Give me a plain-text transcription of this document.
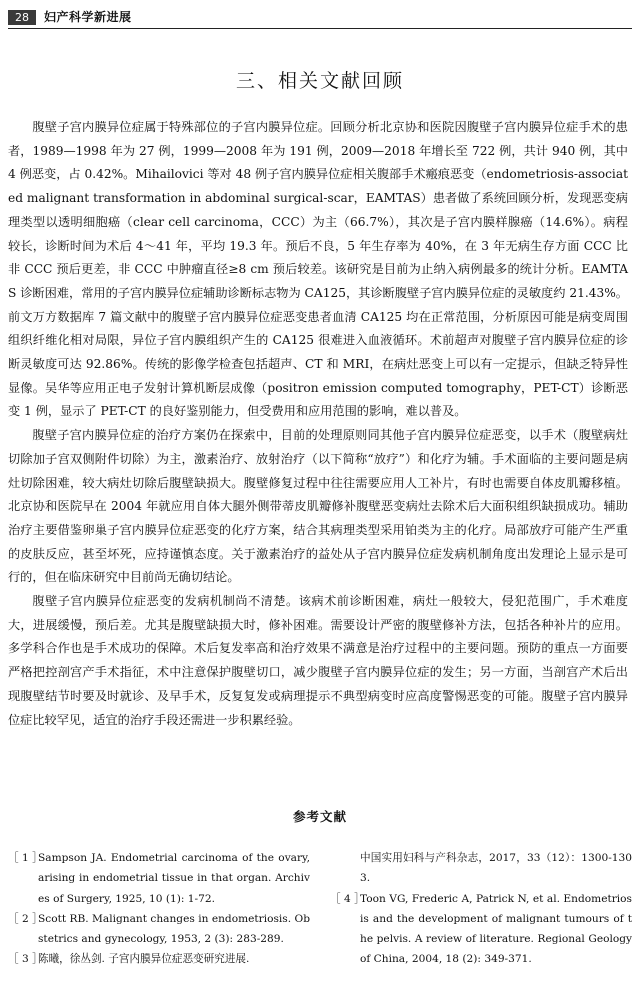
28	妇产科学新进展
三、相关文献回顾

腹壁子宫内膜异位症属于特殊部位的子宫内膜异位症。回顾分析北京协和医院因腹壁子宫内膜异位症手术的患者，1989—1998 年为 27 例，1999—2008 年为 191 例，2009—2018 年增长至 722 例，共计 940 例，其中 4 例恶变，占 0.42%。Mihailovici 等对 48 例子宫内膜异位症相关腹部手术瘢痕恶变（endometriosis-associated malignant transformation in abdominal surgical-scar，EAMTAS）患者做了系统回顾分析，发现恶变病理类型以透明细胞癌（clear cell carcinoma，CCC）为主（66.7%），其次是子宫内膜样腺癌（14.6%）。病程较长，诊断时间为术后 4～41 年，平均 19.3 年。预后不良，5 年生存率为 40%，在 3 年无病生存方面 CCC 比非 CCC 预后更差，非 CCC 中肿瘤直径≥8 cm 预后较差。该研究是目前为止纳入病例最多的统计分析。EAMTAS 诊断困难，常用的子宫内膜异位症辅助诊断标志物为 CA125，其诊断腹壁子宫内膜异位症的灵敏度约 21.43%。前文万方数据库 7 篇文献中的腹壁子宫内膜异位症恶变患者血清 CA125 均在正常范围，分析原因可能是病变周围组织纤维化相对局限，异位子宫内膜组织产生的 CA125 很难进入血液循环。术前超声对腹壁子宫内膜异位症的诊断灵敏度可达 92.86%。传统的影像学检查包括超声、CT 和 MRI，在病灶恶变上可以有一定提示，但缺乏特异性显像。吴华等应用正电子发射计算机断层成像（positron emission computed tomography，PET-CT）诊断恶变 1 例，显示了 PET-CT 的良好鉴别能力，但受费用和应用范围的影响，难以普及。

腹壁子宫内膜异位症的治疗方案仍在探索中，目前的处理原则同其他子宫内膜异位症恶变，以手术（腹壁病灶切除加子宫双侧附件切除）为主，激素治疗、放射治疗（以下简称“放疗”）和化疗为辅。手术面临的主要问题是病灶切除困难，较大病灶切除后腹壁缺损大。腹壁修复过程中往往需要应用人工补片，有时也需要自体皮肌瓣移植。北京协和医院早在 2004 年就应用自体大腿外侧带蒂皮肌瓣修补腹壁恶变病灶去除术后大面积组织缺损成功。辅助治疗主要借鉴卵巢子宫内膜异位症恶变的化疗方案，结合其病理类型采用铂类为主的化疗。局部放疗可能产生严重的皮肤反应，甚至坏死，应持谨慎态度。关于激素治疗的益处从子宫内膜异位症发病机制角度出发理论上显示是可行的，但在临床研究中目前尚无确切结论。

腹壁子宫内膜异位症恶变的发病机制尚不清楚。该病术前诊断困难，病灶一般较大，侵犯范围广，手术难度大，进展缓慢，预后差。尤其是腹壁缺损大时，修补困难。需要设计严密的腹壁修补方法，包括各种补片的应用。多学科合作也是手术成功的保障。术后复发率高和治疗效果不满意是治疗过程中的主要问题。预防的重点一方面要严格把控剖宫产手术指征，术中注意保护腹壁切口，减少腹壁子宫内膜异位症的发生；另一方面，当剖宫产术后出现腹壁结节时要及时就诊、及早手术，反复复发或病理提示不典型病变时应高度警惕恶变的可能。腹壁子宫内膜异位症比较罕见，适宜的治疗手段还需进一步积累经验。

参考文献
［ 1 ］
Sampson JA. Endometrial carcinoma of the ovary, arising in endometrial tissue in that organ. Archives of Surgery, 1925, 10 (1): 1-72.
［ 2 ］
Scott RB. Malignant changes in endometriosis. Obstetrics and gynecology, 1953, 2 (3): 283-289.
［ 3 ］
陈曦，徐丛剑. 子宫内膜异位症恶变研究进展.
中国实用妇科与产科杂志，2017，33（12）：1300-1303.
［ 4 ］
Toon VG, Frederic A, Patrick N, et al. Endometriosis and the development of malignant tumours of the pelvis. A review of literature. Regional Geology of China, 2004, 18 (2): 349-371.
